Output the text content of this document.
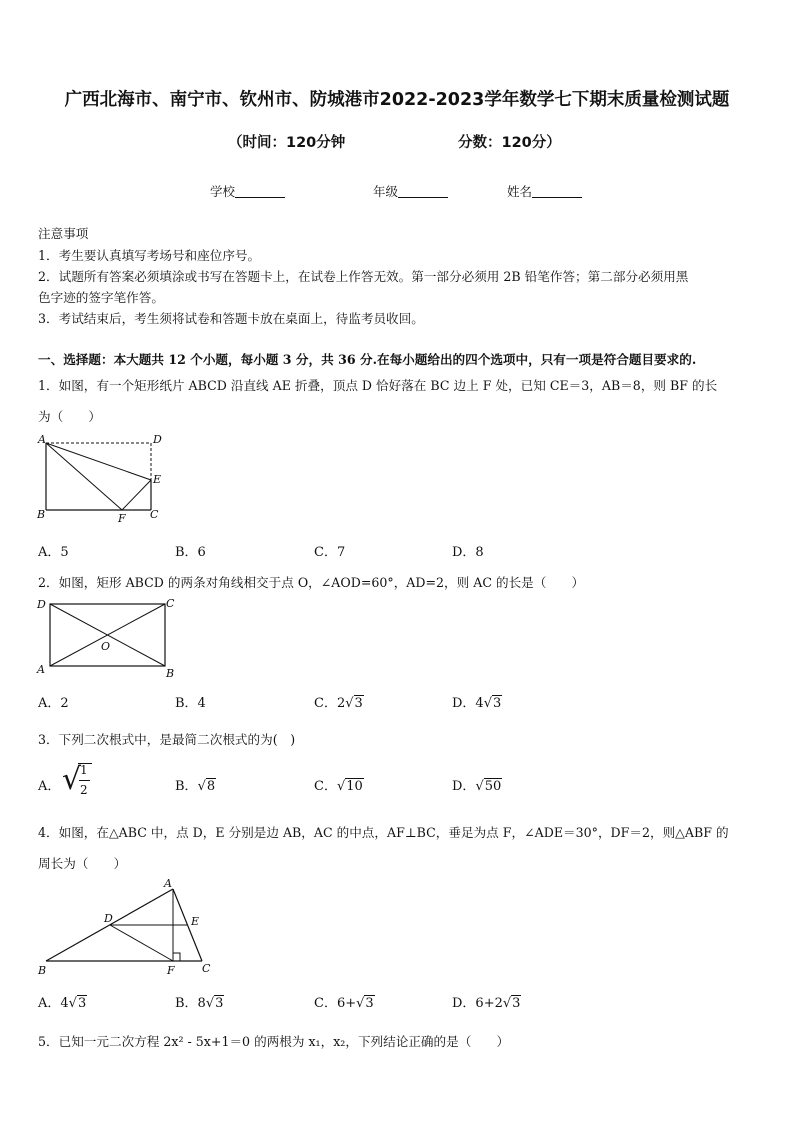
广西北海市、南宁市、钦州市、防城港市2022-2023学年数学七下期末质量检测试题
（时间：120分钟	分数：120分）
学校	年级	姓名
注意事项
1．考生要认真填写考场号和座位序号。
2．试题所有答案必须填涂或书写在答题卡上，在试卷上作答无效。第一部分必须用 2B 铅笔作答；第二部分必须用黑
色字迹的签字笔作答。
3．考试结束后，考生须将试卷和答题卡放在桌面上，待监考员收回。
一、选择题：本大题共 12 个小题，每小题 3 分，共 36 分.在每小题给出的四个选项中，只有一项是符合题目要求的.
1．如图，有一个矩形纸片 ABCD 沿直线 AE 折叠，顶点 D 恰好落在 BC 边上 F 处，已知 CE＝3，AB＝8，则 BF 的长
为（　　）
A	D
E
B	C
F
A．5	B．6	C．7	D．8
2．如图，矩形 ABCD 的两条对角线相交于点 O，∠AOD=60°，AD=2，则 AC 的长是（　　）
D	C
A	B
O
A．2	B．4	C．2√3	D．4√3
3．下列二次根式中，是最简二次根式的为(　)
A． √
1
2	B．√8	C．√10	D．√50
4．如图，在△ABC 中，点 D，E 分别是边 AB，AC 的中点，AF⊥BC，垂足为点 F，∠ADE＝30°，DF＝2，则△ABF 的
周长为（　　）
A
D	E
B	F C
A．4√3	B．8√3	C．6+√3	D．6+2√3
5．已知一元二次方程 2x² - 5x+1＝0 的两根为 x₁，x₂，下列结论正确的是（　　）
